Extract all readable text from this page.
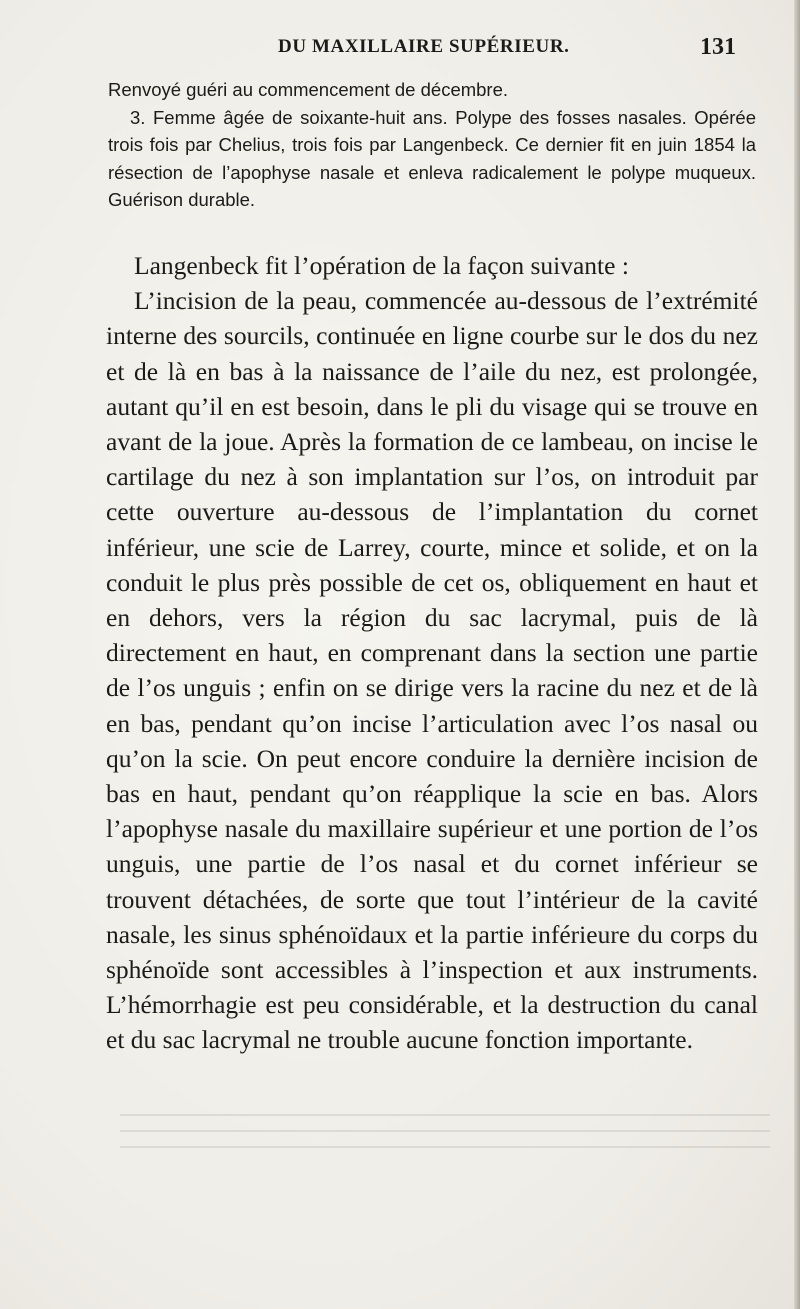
DU MAXILLAIRE SUPÉRIEUR.	131

Renvoyé guéri au commencement de décembre.

3. Femme âgée de soixante-huit ans. Polype des fosses nasales. Opérée trois fois par Chelius, trois fois par Langenbeck. Ce dernier fit en juin 1854 la résection de l’apophyse nasale et enleva radicalement le polype muqueux. Guérison durable.

Langenbeck fit l’opération de la façon suivante :

L’incision de la peau, commencée au-dessous de l’extrémité interne des sourcils, continuée en ligne courbe sur le dos du nez et de là en bas à la naissance de l’aile du nez, est prolongée, autant qu’il en est besoin, dans le pli du visage qui se trouve en avant de la joue. Après la formation de ce lambeau, on incise le cartilage du nez à son implantation sur l’os, on introduit par cette ouverture au-dessous de l’implantation du cornet inférieur, une scie de Larrey, courte, mince et solide, et on la conduit le plus près possible de cet os, obliquement en haut et en dehors, vers la région du sac lacrymal, puis de là directement en haut, en comprenant dans la section une partie de l’os unguis ; enfin on se dirige vers la racine du nez et de là en bas, pendant qu’on incise l’articulation avec l’os nasal ou qu’on la scie. On peut encore conduire la dernière incision de bas en haut, pendant qu’on réapplique la scie en bas. Alors l’apophyse nasale du maxillaire supérieur et une portion de l’os unguis, une partie de l’os nasal et du cornet inférieur se trouvent détachées, de sorte que tout l’intérieur de la cavité nasale, les sinus sphénoïdaux et la partie inférieure du corps du sphénoïde sont accessibles à l’inspection et aux instruments. L’hémorrhagie est peu considérable, et la destruction du canal et du sac lacrymal ne trouble aucune fonction importante.
